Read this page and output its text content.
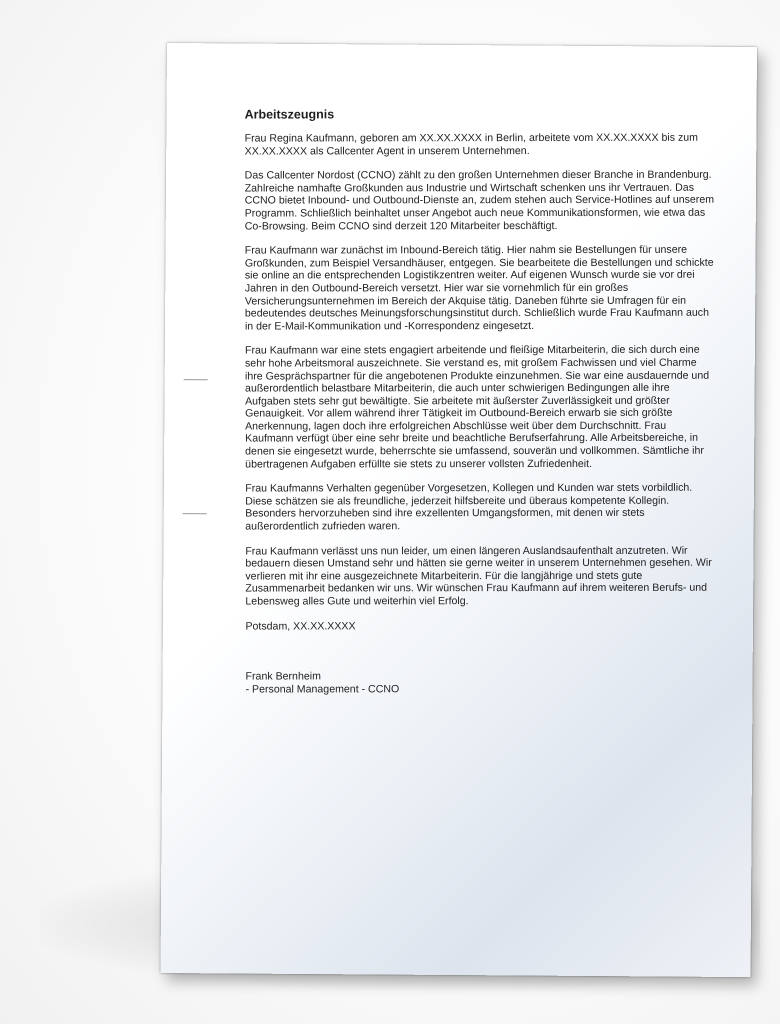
Arbeitszeugnis

Frau Regina Kaufmann, geboren am XX.XX.XXXX in Berlin, arbeitete vom XX.XX.XXXX bis zum XX.XX.XXXX als Callcenter Agent in unserem Unternehmen.

Das Callcenter Nordost (CCNO) zählt zu den großen Unternehmen dieser Branche in Brandenburg. Zahlreiche namhafte Großkunden aus Industrie und Wirtschaft schenken uns ihr Vertrauen. Das CCNO bietet Inbound- und Outbound-Dienste an, zudem stehen auch Service-Hotlines auf unserem Programm. Schließlich beinhaltet unser Angebot auch neue Kommunikationsformen, wie etwa das Co-Browsing. Beim CCNO sind derzeit 120 Mitarbeiter beschäftigt.

Frau Kaufmann war zunächst im Inbound-Bereich tätig. Hier nahm sie Bestellungen für unsere Großkunden, zum Beispiel Versandhäuser, entgegen. Sie bearbeitete die Bestellungen und schickte sie online an die entsprechenden Logistikzentren weiter. Auf eigenen Wunsch wurde sie vor drei Jahren in den Outbound-Bereich versetzt. Hier war sie vornehmlich für ein großes Versicherungsunternehmen im Bereich der Akquise tätig. Daneben führte sie Umfragen für ein bedeutendes deutsches Meinungsforschungsinstitut durch. Schließlich wurde Frau Kaufmann auch in der E-Mail-Kommunikation und -Korrespondenz eingesetzt.

Frau Kaufmann war eine stets engagiert arbeitende und fleißige Mitarbeiterin, die sich durch eine sehr hohe Arbeitsmoral auszeichnete. Sie verstand es, mit großem Fachwissen und viel Charme ihre Gesprächspartner für die angebotenen Produkte einzunehmen. Sie war eine ausdauernde und außerordentlich belastbare Mitarbeiterin, die auch unter schwierigen Bedingungen alle ihre Aufgaben stets sehr gut bewältigte. Sie arbeitete mit äußerster Zuverlässigkeit und größter Genauigkeit. Vor allem während ihrer Tätigkeit im Outbound-Bereich erwarb sie sich größte Anerkennung, lagen doch ihre erfolgreichen Abschlüsse weit über dem Durchschnitt. Frau Kaufmann verfügt über eine sehr breite und beachtliche Berufserfahrung. Alle Arbeitsbereiche, in denen sie eingesetzt wurde, beherrschte sie umfassend, souverän und vollkommen. Sämtliche ihr übertragenen Aufgaben erfüllte sie stets zu unserer vollsten Zufriedenheit.

Frau Kaufmanns Verhalten gegenüber Vorgesetzen, Kollegen und Kunden war stets vorbildlich. Diese schätzen sie als freundliche, jederzeit hilfsbereite und überaus kompetente Kollegin. Besonders hervorzuheben sind ihre exzellenten Umgangsformen, mit denen wir stets außerordentlich zufrieden waren.

Frau Kaufmann verlässt uns nun leider, um einen längeren Auslandsaufenthalt anzutreten. Wir bedauern diesen Umstand sehr und hätten sie gerne weiter in unserem Unternehmen gesehen. Wir verlieren mit ihr eine ausgezeichnete Mitarbeiterin. Für die langjährige und stets gute Zusammenarbeit bedanken wir uns. Wir wünschen Frau Kaufmann auf ihrem weiteren Berufs- und Lebensweg alles Gute und weiterhin viel Erfolg.

Potsdam, XX.XX.XXXX

Frank Bernheim

- Personal Management - CCNO
